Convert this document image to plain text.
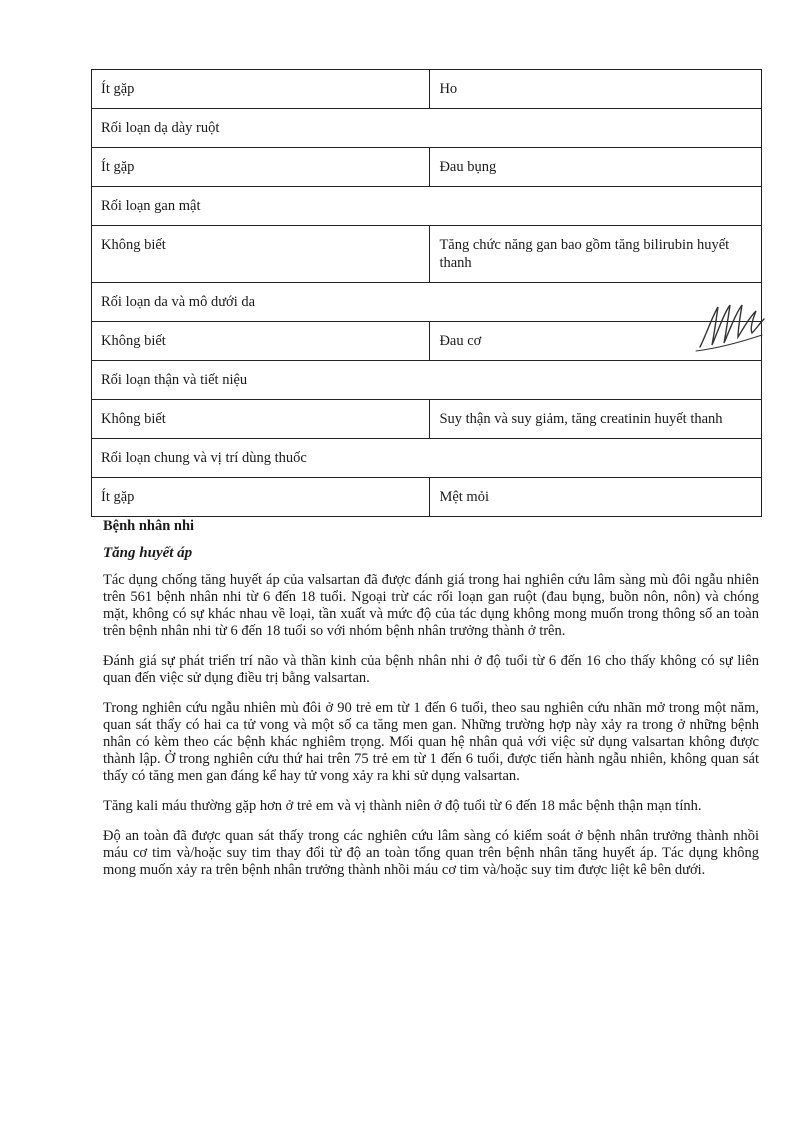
Ít gặp	Ho
Rối loạn dạ dày ruột	
Ít gặp	Đau bụng
Rối loạn gan mật	
Không biết	Tăng chức năng gan bao gồm tăng bilirubin huyết thanh
Rối loạn da và mô dưới da	
Không biết	Đau cơ
Rối loạn thận và tiết niệu	
Không biết	Suy thận và suy giảm, tăng creatinin huyết thanh
Rối loạn chung và vị trí dùng thuốc	
Ít gặp	Mệt mỏi
Bệnh nhân nhi
Tăng huyết áp

Tác dụng chống tăng huyết áp của valsartan đã được đánh giá trong hai nghiên cứu lâm sàng mù đôi ngẫu nhiên trên 561 bệnh nhân nhi từ 6 đến 18 tuổi. Ngoại trừ các rối loạn gan ruột (đau bụng, buồn nôn, nôn) và chóng mặt, không có sự khác nhau về loại, tần xuất và mức độ của tác dụng không mong muốn trong thông số an toàn trên bệnh nhân nhi từ 6 đến 18 tuổi so với nhóm bệnh nhân trưởng thành ở trên.

Đánh giá sự phát triển trí não và thần kinh của bệnh nhân nhi ở độ tuổi từ 6 đến 16 cho thấy không có sự liên quan đến việc sử dụng điều trị bằng valsartan.

Trong nghiên cứu ngẫu nhiên mù đôi ở 90 trẻ em từ 1 đến 6 tuổi, theo sau nghiên cứu nhãn mở trong một năm, quan sát thấy có hai ca tử vong và một số ca tăng men gan. Những trường hợp này xảy ra trong ở những bệnh nhân có kèm theo các bệnh khác nghiêm trọng. Mối quan hệ nhân quả với việc sử dụng valsartan không được thành lập. Ở trong nghiên cứu thứ hai trên 75 trẻ em từ 1 đến 6 tuổi, được tiến hành ngẫu nhiên, không quan sát thấy có tăng men gan đáng kể hay tử vong xảy ra khi sử dụng valsartan.

Tăng kali máu thường gặp hơn ở trẻ em và vị thành niên ở độ tuổi từ 6 đến 18 mắc bệnh thận mạn tính.

Độ an toàn đã được quan sát thấy trong các nghiên cứu lâm sàng có kiểm soát ở bệnh nhân trưởng thành nhồi máu cơ tim và/hoặc suy tim thay đổi từ độ an toàn tổng quan trên bệnh nhân tăng huyết áp. Tác dụng không mong muốn xảy ra trên bệnh nhân trưởng thành nhồi máu cơ tim và/hoặc suy tim được liệt kê bên dưới.
